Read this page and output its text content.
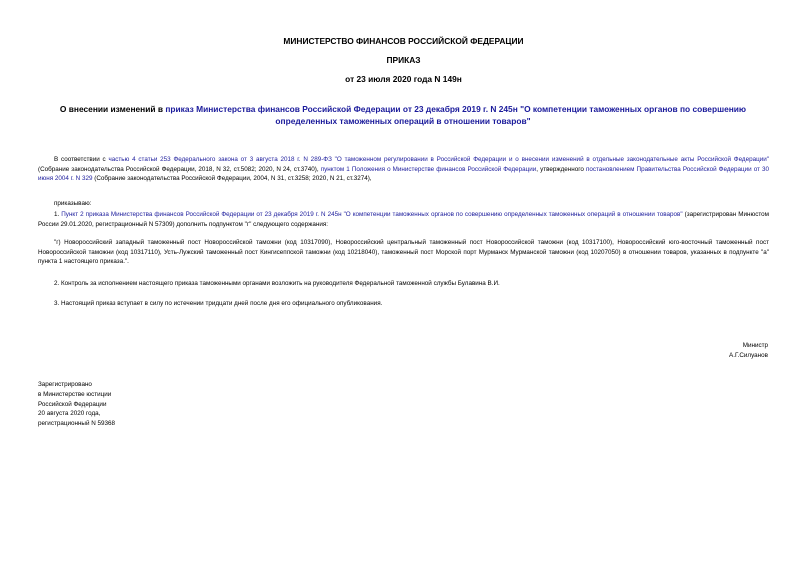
МИНИСТЕРСТВО ФИНАНСОВ РОССИЙСКОЙ ФЕДЕРАЦИИ
ПРИКАЗ
от 23 июля 2020 года N 149н
О внесении изменений в приказ Министерства финансов Российской Федерации от 23 декабря 2019 г. N 245н "О компетенции таможенных органов по совершению определенных таможенных операций в отношении товаров"
В соответствии с частью 4 статьи 253 Федерального закона от 3 августа 2018 г. N 289-ФЗ "О таможенном регулировании в Российской Федерации и о внесении изменений в отдельные законодательные акты Российской Федерации" (Собрание законодательства Российской Федерации, 2018, N 32, ст.5082; 2020, N 24, ст.3740), пунктом 1 Положения о Министерстве финансов Российской Федерации, утвержденного постановлением Правительства Российской Федерации от 30 июня 2004 г. N 329 (Собрание законодательства Российской Федерации, 2004, N 31, ст.3258; 2020, N 21, ст.3274),
приказываю:
1. Пункт 2 приказа Министерства финансов Российской Федерации от 23 декабря 2019 г. N 245н "О компетенции таможенных органов по совершению определенных таможенных операций в отношении товаров" (зарегистрирован Минюстом России 29.01.2020, регистрационный N 57309) дополнить подпунктом "г" следующего содержания:
"г) Новороссийский западный таможенный пост Новороссийской таможни (код 10317090), Новороссийский центральный таможенный пост Новороссийской таможни (код 10317100), Новороссийский юго-восточный таможенный пост Новороссийской таможни (код 10317110), Усть-Лужский таможенный пост Кингисеппской таможни (код 10218040), таможенный пост Морской порт Мурманск Мурманской таможни (код 10207050) в отношении товаров, указанных в подпункте "а" пункта 1 настоящего приказа.".
2. Контроль за исполнением настоящего приказа таможенными органами возложить на руководителя Федеральной таможенной службы Булавина В.И.
3. Настоящий приказ вступает в силу по истечении тридцати дней после дня его официального опубликования.
Министр
А.Г.Силуанов
Зарегистрировано
в Министерстве юстиции
Российской Федерации
20 августа 2020 года,
регистрационный N 59368
